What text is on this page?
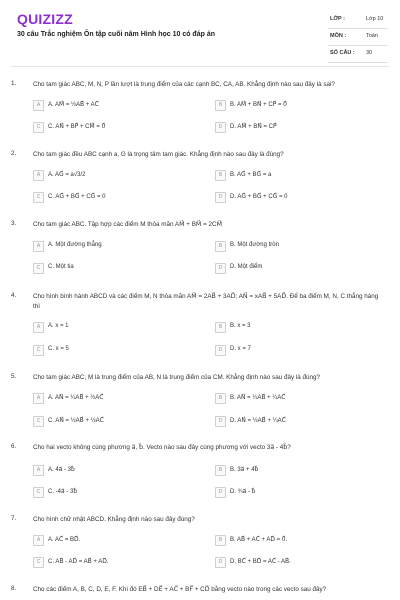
QUIZIZZ
30 câu Trắc nghiệm Ôn tập cuối năm Hình học 10 có đáp án
LỚP :	Lớp 10
MÔN :	Toán
SỐ CÂU : 30
1.	Cho tam giác ABC, M, N, P lần lượt là trung điểm của các cạnh BC, CA, AB. Khẳng định nào sau đây là sai?
A	A. AM⃗ = ½AB⃗ + AC⃗	B	B. AM⃗ + BN⃗ + CP⃗ = 0⃗
C	C. AN⃗ + BP⃗ + CM⃗ = 0⃗	D	D. AM⃗ + BN⃗ = CP⃗
2.	Cho tam giác đều ABC cạnh a, G là trọng tâm tam giác. Khẳng định nào sau đây là đúng?
A	A. AG⃗ = a√3/2	B	B. AG⃗ + BG⃗ = a
C	C. AG⃗ + BG⃗ + CG⃗ = 0	D	D. AG⃗ + BG⃗ + CG⃗ = 0
3.	Cho tam giác ABC. Tập hợp các điểm M thỏa mãn AM⃗ + BM⃗ = 2CM⃗
A	A. Một đường thẳng	B	B. Một đường tròn
C	C. Một tia	D	D. Một điểm
4.	Cho hình bình hành ABCD và các điểm M, N thỏa mãn AM⃗ = 2AB⃗ + 3AD⃗; AN⃗ = xAB⃗ + 5AD⃗. Để ba điểm M, N, C thẳng hàng thì
A	A. x = 1	B	B. x = 3
C	C. x = 5	D	D. x = 7
5.	Cho tam giác ABC, M là trung điểm của AB, N là trung điểm của CM. Khẳng định nào sau đây là đúng?
A	A. AN⃗ = ¼AB⃗ + ½AC⃗	B	B. AN⃗ = ¼AB⃗ + ¼AC⃗
C	C. AN⃗ = ½AB⃗ + ½AC⃗	D	D. AN⃗ = ½AB⃗ + ¼AC⃗
6.	Cho hai vecto không cùng phương a⃗, b⃗. Vecto nào sau đây cùng phương với vecto 3a⃗ - 4b⃗?
A	A. 4a⃗ - 3b⃗	B	B. 3a⃗ + 4b⃗
C	C. -4a⃗ - 3b⃗	D	D. ¾a⃗ - b⃗
7.	Cho hình chữ nhật ABCD. Khẳng định nào sau đây đúng?
A	A. AC⃗ = BD⃗.	B	B. AB⃗ + AC⃗ + AD⃗ = 0⃗.
C	C. AB⃗ - AD⃗ = AB⃗ + AD⃗.	D	D. BC⃗ + BD⃗ = AC⃗ - AB⃗.
8.	Cho các điểm A, B, C, D, E, F. Khi đó EB⃗ + DE⃗ + AC⃗ + BF⃗ + CD⃗ bằng vecto nào trong các vecto sau đây?
